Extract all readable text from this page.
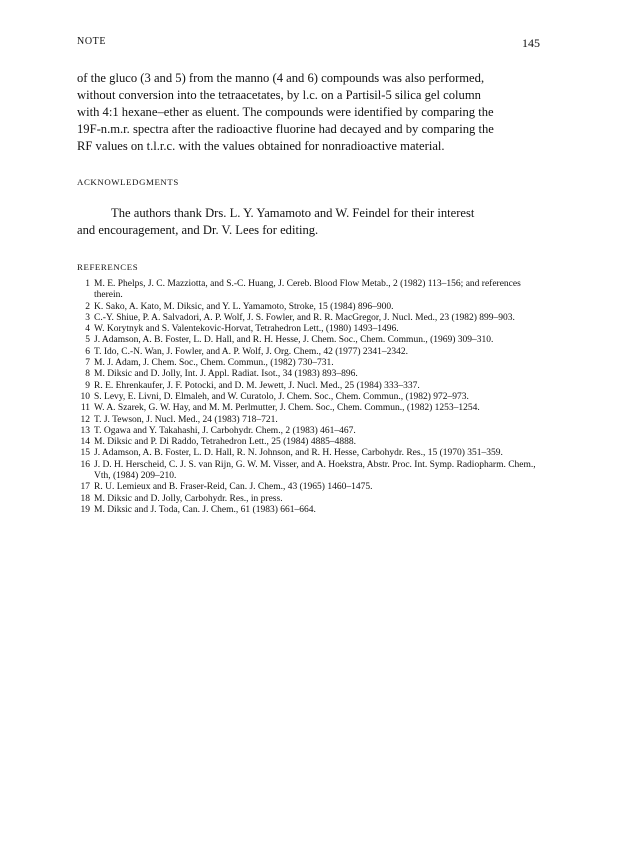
NOTE	145
of the gluco (3 and 5) from the manno (4 and 6) compounds was also performed,
without conversion into the tetraacetates, by l.c. on a Partisil-5 silica gel column
with 4:1 hexane–ether as eluent. The compounds were identified by comparing the
19F-n.m.r. spectra after the radioactive fluorine had decayed and by comparing the
RF values on t.l.r.c. with the values obtained for nonradioactive material.
ACKNOWLEDGMENTS
The authors thank Drs. L. Y. Yamamoto and W. Feindel for their interest
and encouragement, and Dr. V. Lees for editing.
REFERENCES
1 M. E. Phelps, J. C. Mazziotta, and S.-C. Huang, J. Cereb. Blood Flow Metab., 2 (1982) 113–156; and references therein.
2 K. Sako, A. Kato, M. Diksic, and Y. L. Yamamoto, Stroke, 15 (1984) 896–900.
3 C.-Y. Shiue, P. A. Salvadori, A. P. Wolf, J. S. Fowler, and R. R. MacGregor, J. Nucl. Med., 23 (1982) 899–903.
4 W. Korytnyk and S. Valentekovic-Horvat, Tetrahedron Lett., (1980) 1493–1496.
5 J. Adamson, A. B. Foster, L. D. Hall, and R. H. Hesse, J. Chem. Soc., Chem. Commun., (1969) 309–310.
6 T. Ido, C.-N. Wan, J. Fowler, and A. P. Wolf, J. Org. Chem., 42 (1977) 2341–2342.
7 M. J. Adam, J. Chem. Soc., Chem. Commun., (1982) 730–731.
8 M. Diksic and D. Jolly, Int. J. Appl. Radiat. Isot., 34 (1983) 893–896.
9 R. E. Ehrenkaufer, J. F. Potocki, and D. M. Jewett, J. Nucl. Med., 25 (1984) 333–337.
10 S. Levy, E. Livni, D. Elmaleh, and W. Curatolo, J. Chem. Soc., Chem. Commun., (1982) 972–973.
11 W. A. Szarek, G. W. Hay, and M. M. Perlmutter, J. Chem. Soc., Chem. Commun., (1982) 1253–1254.
12 T. J. Tewson, J. Nucl. Med., 24 (1983) 718–721.
13 T. Ogawa and Y. Takahashi, J. Carbohydr. Chem., 2 (1983) 461–467.
14 M. Diksic and P. Di Raddo, Tetrahedron Lett., 25 (1984) 4885–4888.
15 J. Adamson, A. B. Foster, L. D. Hall, R. N. Johnson, and R. H. Hesse, Carbohydr. Res., 15 (1970) 351–359.
16 J. D. H. Herscheid, C. J. S. van Rijn, G. W. M. Visser, and A. Hoekstra, Abstr. Proc. Int. Symp. Radiopharm. Chem., Vth, (1984) 209–210.
17 R. U. Lemieux and B. Fraser-Reid, Can. J. Chem., 43 (1965) 1460–1475.
18 M. Diksic and D. Jolly, Carbohydr. Res., in press.
19 M. Diksic and J. Toda, Can. J. Chem., 61 (1983) 661–664.
